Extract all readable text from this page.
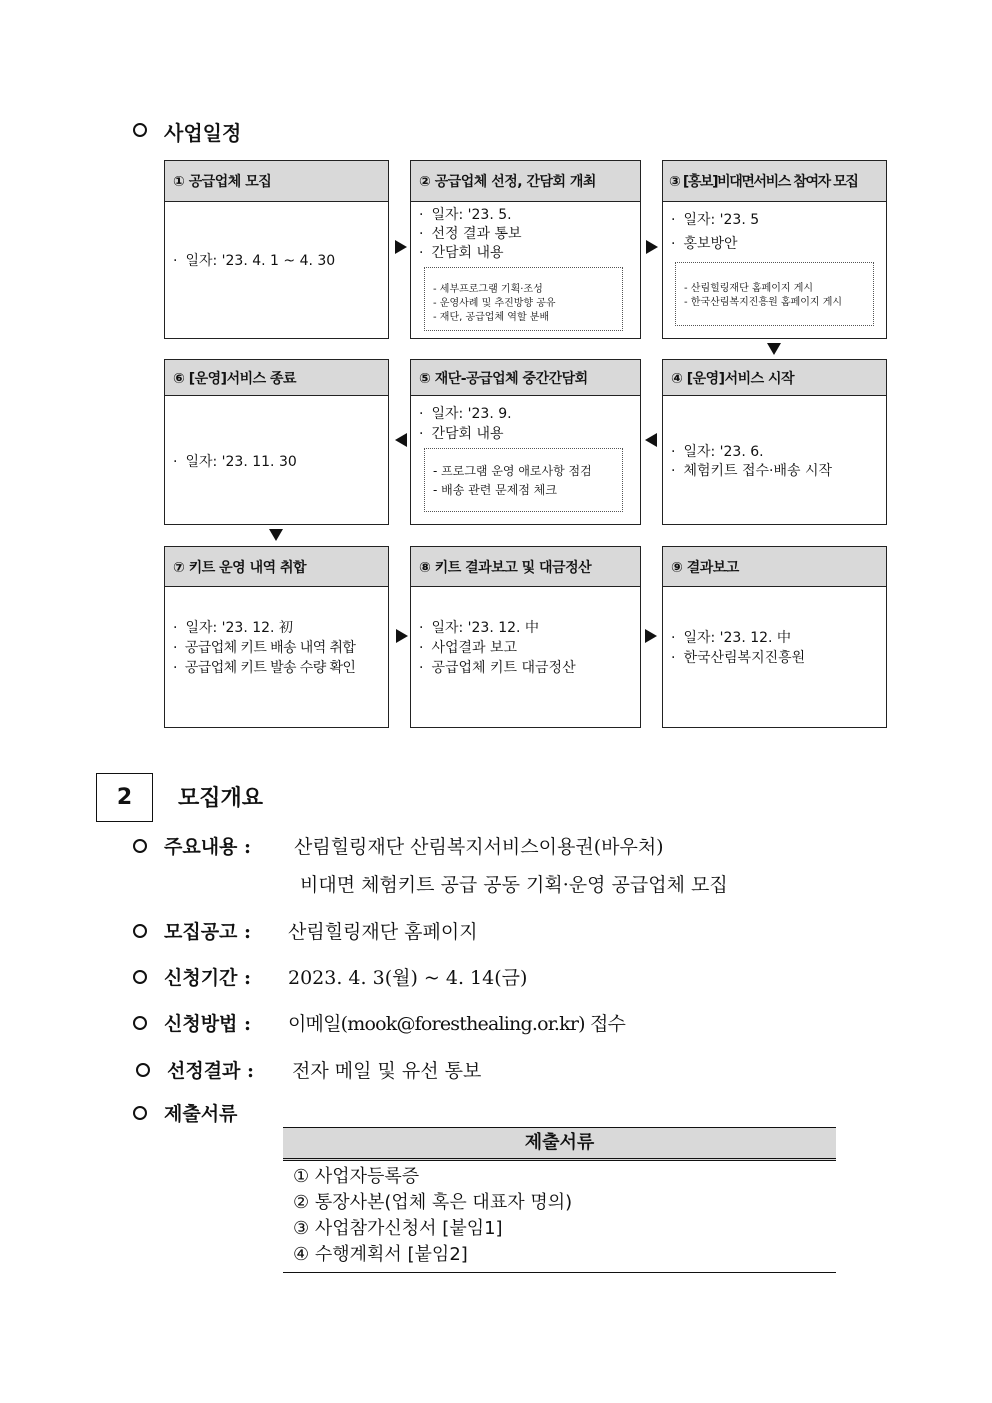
사업일정
① 공급업체 모집
· 일자: '23. 4. 1 ~ 4. 30
② 공급업체 선정, 간담회 개최
· 일자: '23. 5.
· 선정 결과 통보
· 간담회 내용
- 세부프로그램 기획·조성
- 운영사례 및 추진방향 공유
- 재단, 공급업체 역할 분배
③ [홍보]비대면서비스 참여자 모집
· 일자: '23. 5
· 홍보방안
- 산림힐링재단 홈페이지 게시
- 한국산림복지진흥원 홈페이지 게시
⑥ [운영]서비스 종료
· 일자: '23. 11. 30
⑤ 재단-공급업체 중간간담회
· 일자: '23. 9.
· 간담회 내용
- 프로그램 운영 애로사항 점검
- 배송 관련 문제점 체크
④ [운영]서비스 시작
· 일자: '23. 6.
· 체험키트 접수·배송 시작
⑦ 키트 운영 내역 취합
· 일자: '23. 12. 初
· 공급업체 키트 배송 내역 취합
· 공급업체 키트 발송 수량 확인
⑧ 키트 결과보고 및 대금정산
· 일자: '23. 12. 中
· 사업결과 보고
· 공급업체 키트 대금정산
⑨ 결과보고
· 일자: '23. 12. 中
· 한국산림복지진흥원
2	모집개요
주요내용 : 산림힐링재단 산림복지서비스이용권(바우처)
비대면 체험키트 공급 공동 기획·운영 공급업체 모집
모집공고 : 산림힐링재단 홈페이지
신청기간 : 2023. 4. 3(월) ~ 4. 14(금)
신청방법 : 이메일(mook@foresthealing.or.kr) 접수
선정결과 : 전자 메일 및 유선 통보
제출서류
제출서류
① 사업자등록증
② 통장사본(업체 혹은 대표자 명의)
③ 사업참가신청서 [붙임1]
④ 수행계획서 [붙임2]
